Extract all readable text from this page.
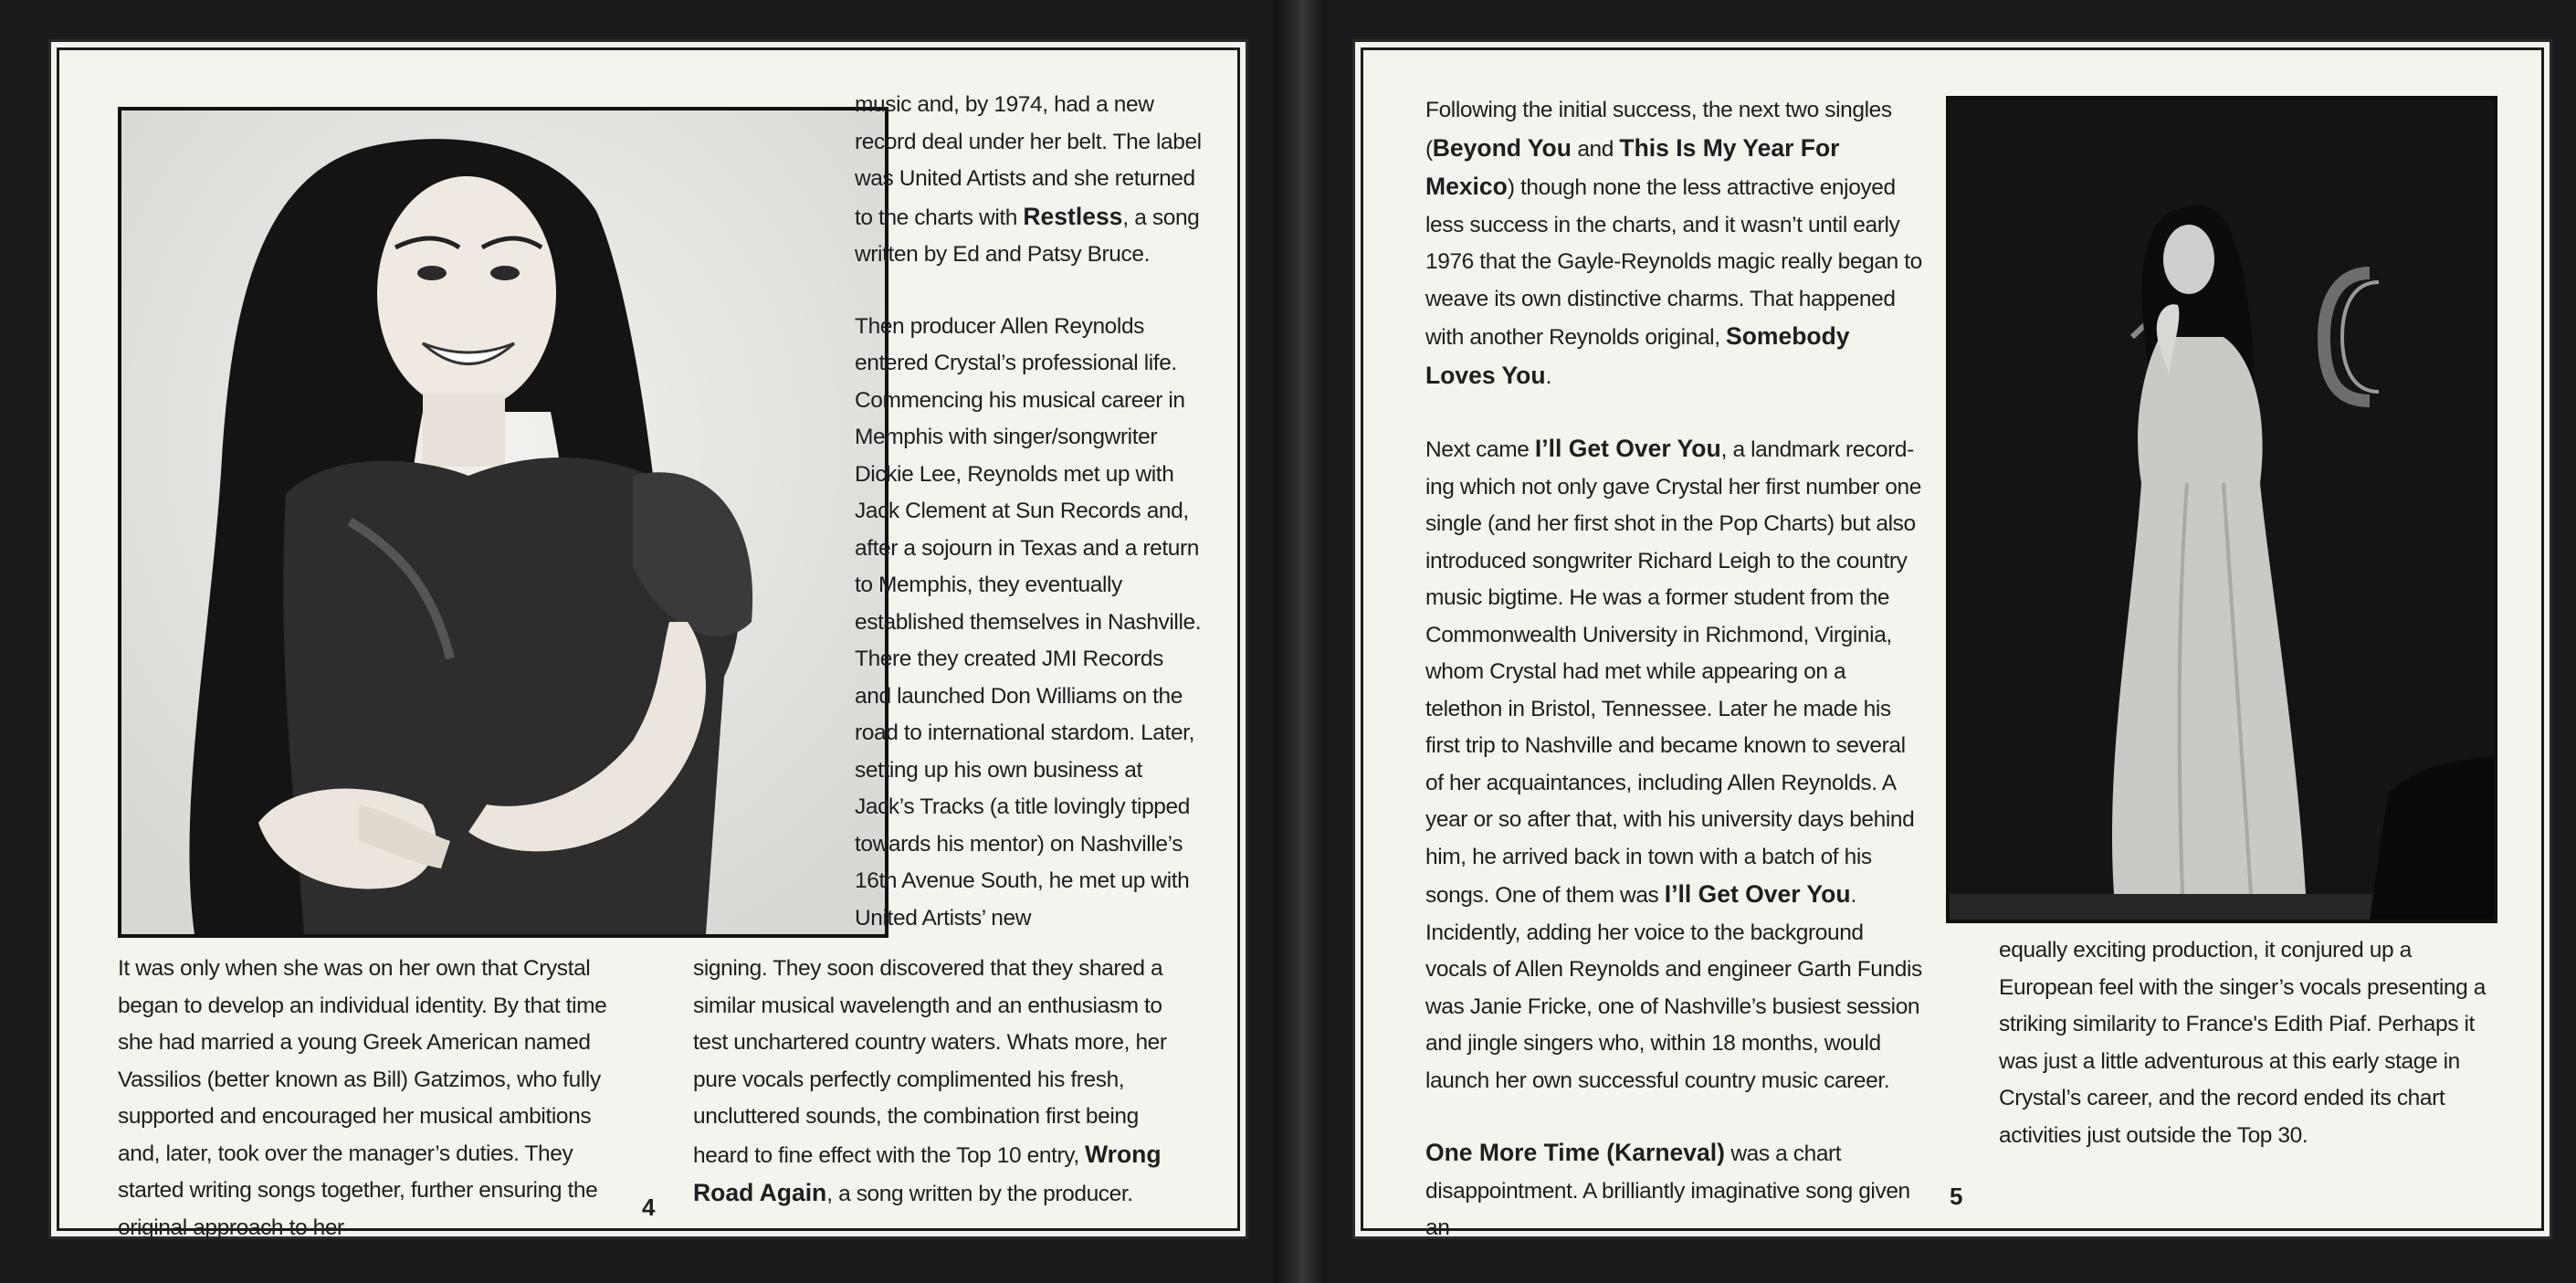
music and, by 1974, had a new record deal under her belt. The label was United Artists and she returned to the charts with Restless, a song written by Ed and Patsy Bruce.

Then producer Allen Reynolds entered Crystal’s professional life. Commencing his musical career in Memphis with singer/songwriter Dickie Lee, Reynolds met up with Jack Clement at Sun Records and, after a sojourn in Texas and a return to Memphis, they eventually established themselves in Nashville. There they created JMI Records and launched Don Williams on the road to international stardom. Later, setting up his own business at Jack’s Tracks (a title lovingly tipped towards his mentor) on Nashville’s 16th Avenue South, he met up with United Artists’ new

It was only when she was on her own that Crystal began to develop an individual identity. By that time she had married a young Greek American named Vassilios (better known as Bill) Gatzimos, who fully supported and encouraged her musical ambitions and, later, took over the manager’s duties. They started writing songs together, further ensuring the original approach to her

signing. They soon discovered that they shared a similar musical wavelength and an enthusiasm to test unchartered country waters. Whats more, her pure vocals perfectly complimented his fresh, uncluttered sounds, the combination first being heard to fine effect with the Top 10 entry, Wrong Road Again, a song written by the producer.

4

Following the initial success, the next two singles (Beyond You and This Is My Year For Mexico) though none the less attractive enjoyed less success in the charts, and it wasn’t until early 1976 that the Gayle-Reynolds magic really began to weave its own distinctive charms. That happened with another Reynolds original, Somebody Loves You.

Next came I’ll Get Over You, a landmark recording which not only gave Crystal her first number one single (and her first shot in the Pop Charts) but also introduced songwriter Richard Leigh to the country music bigtime. He was a former student from the Commonwealth University in Richmond, Virginia, whom Crystal had met while appearing on a telethon in Bristol, Tennessee. Later he made his first trip to Nashville and became known to several of her acquaintances, including Allen Reynolds. A year or so after that, with his university days behind him, he arrived back in town with a batch of his songs. One of them was I’ll Get Over You. Incidently, adding her voice to the background vocals of Allen Reynolds and engineer Garth Fundis was Janie Fricke, one of Nashville’s busiest session and jingle singers who, within 18 months, would launch her own successful country music career.

One More Time (Karneval) was a chart disappointment. A brilliantly imaginative song given an

equally exciting production, it conjured up a European feel with the singer’s vocals presenting a striking similarity to France's Edith Piaf. Perhaps it was just a little adventurous at this early stage in Crystal’s career, and the record ended its chart activities just outside the Top 30.

5
